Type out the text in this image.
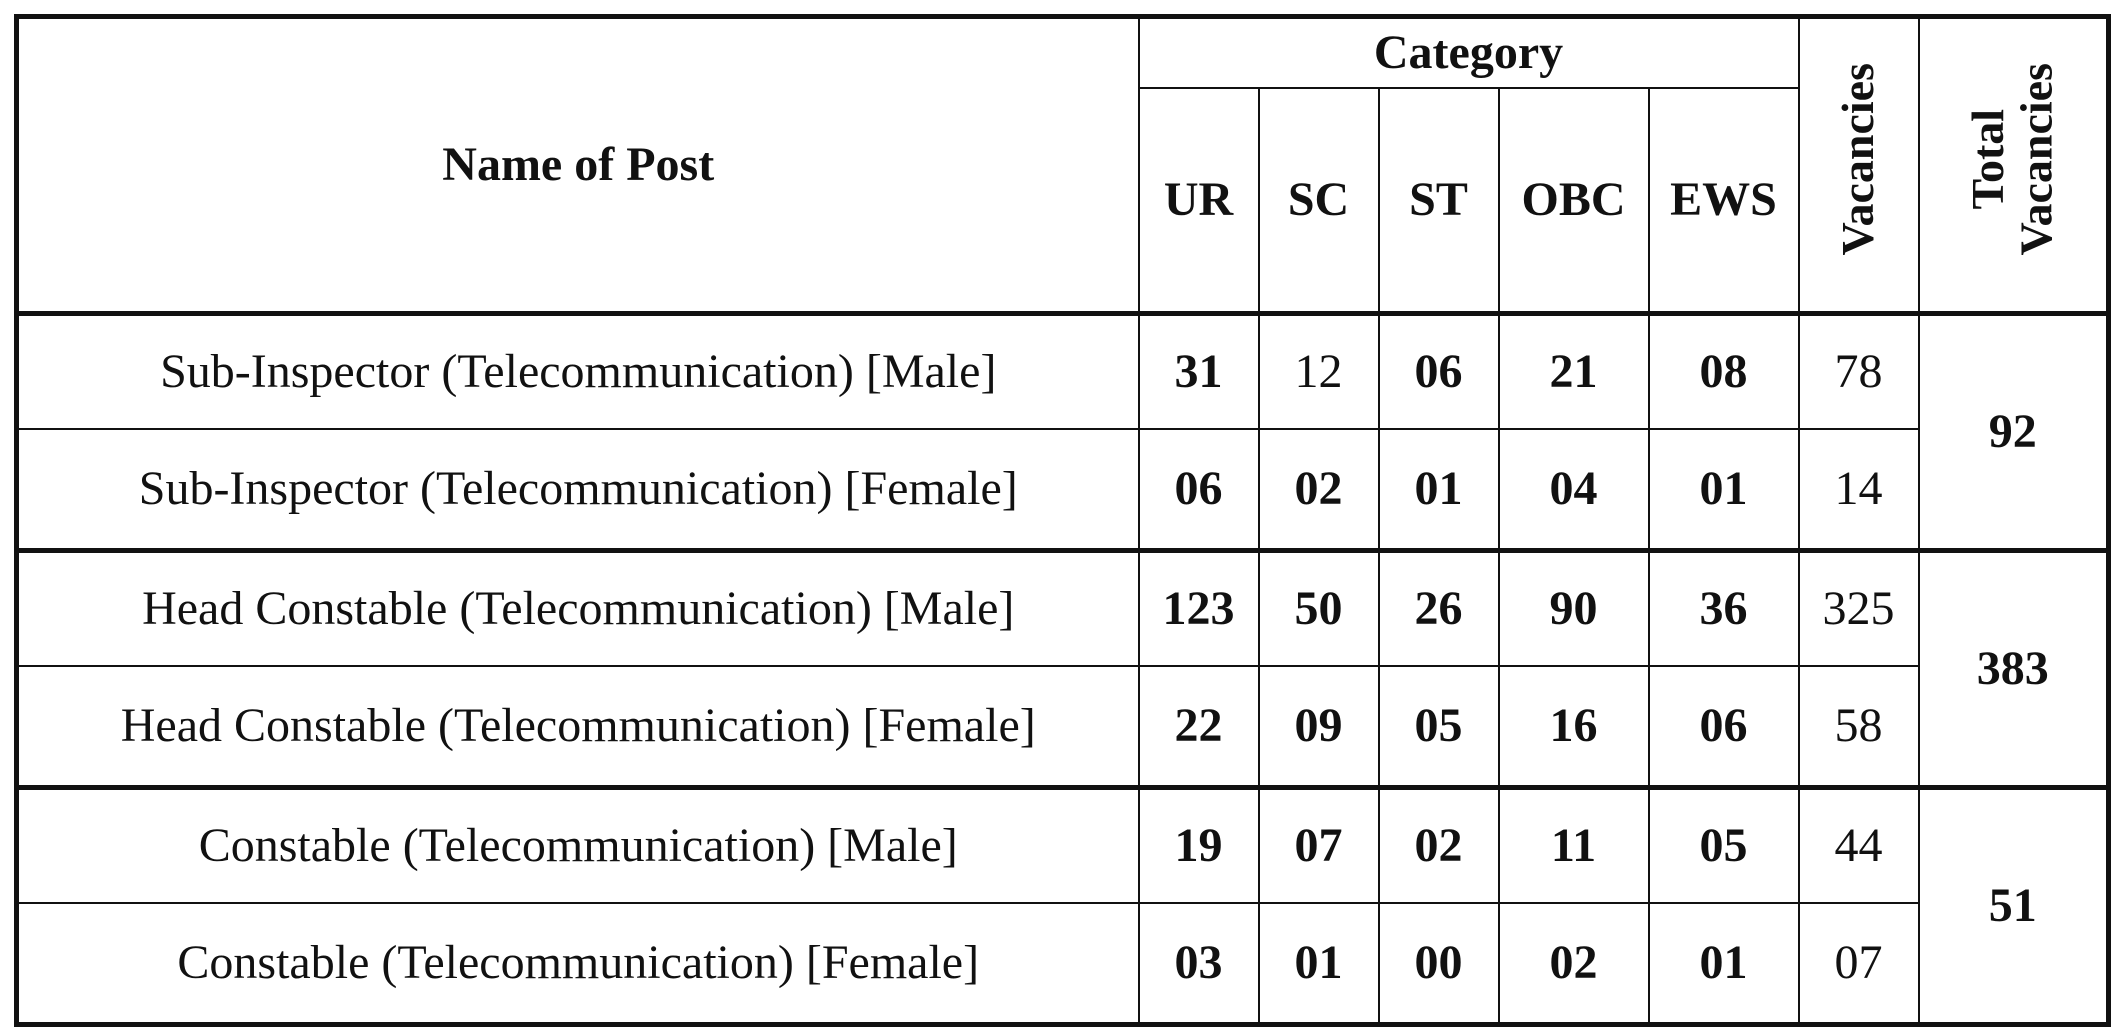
Name of Post	Category					Vacancies	Total
Vacancies
	UR	SC	ST	OBC	EWS		
Sub-Inspector (Telecommunication) [Male]	31	12	06	21	08	78	92
Sub-Inspector (Telecommunication) [Female]	06	02	01	04	01	14	
Head Constable (Telecommunication) [Male]	123	50	26	90	36	325	383
Head Constable (Telecommunication) [Female]	22	09	05	16	06	58	
Constable (Telecommunication) [Male]	19	07	02	11	05	44	51
Constable (Telecommunication) [Female]	03	01	00	02	01	07	
